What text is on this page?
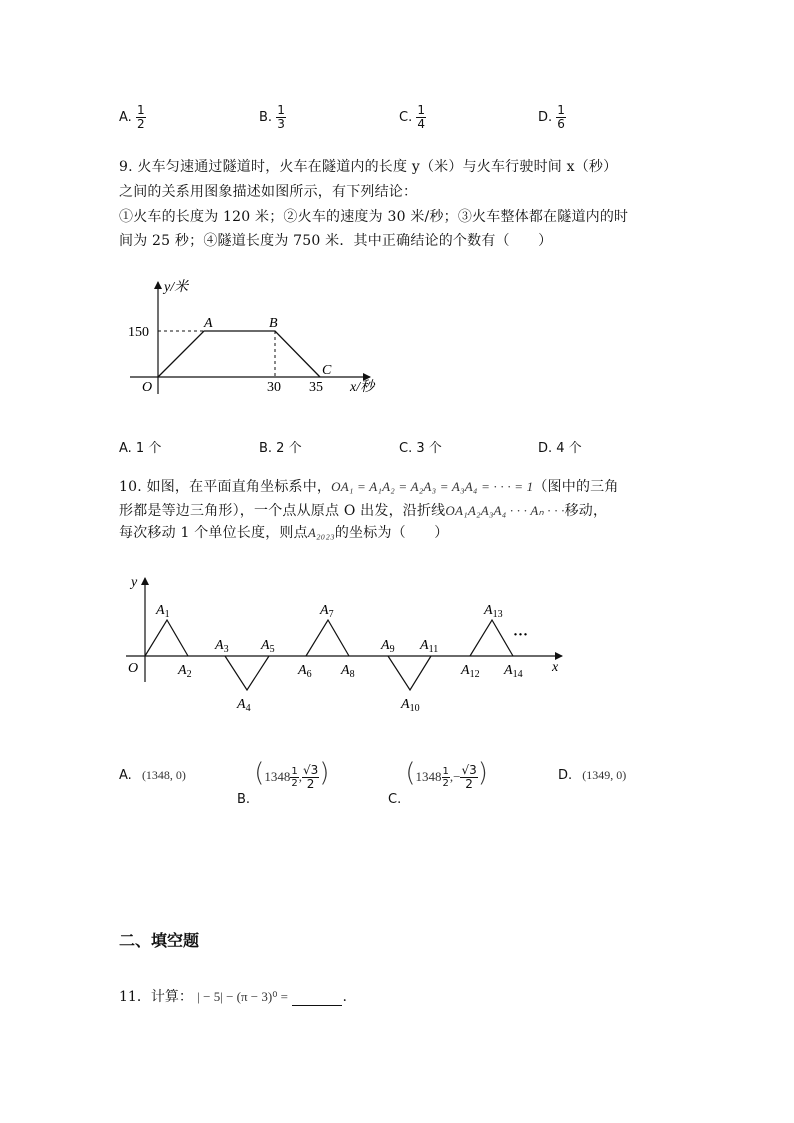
A. $\frac{1}{2}$	B. $\frac{1}{3}$	C. $\frac{1}{4}$	D. $\frac{1}{6}$
9. 火车匀速通过隧道时，火车在隧道内的长度 y（米）与火车行驶时间 x（秒）
之间的关系用图象描述如图所示，有下列结论：
①火车的长度为 120 米；②火车的速度为 30 米/秒；③火车整体都在隧道内的时
间为 25 秒；④隧道长度为 750 米．其中正确结论的个数有（　　）
y/米
x/秒
150
30 35
O
A	B
C
A. 1 个	B. 2 个	C. 3 个	D. 4 个
10. 如图，在平面直角坐标系中，OA₁ = A₁A₂ = A₂A₃ = A₃A₄ = · · · = 1（图中的三角
形都是等边三角形），一个点从原点 O 出发，沿折线OA₁A₂A₃A₄ · · · Aₙ · · ·移动，
每次移动 1 个单位长度，则点A₂₀₂₃的坐标为（　　）
y
x
O
···
$A_1$
$A_2$
$A_3$
$A_4$
$A_5$
$A_6$
$A_7$
$A_8$
$A_9$
$A_{10}$
$A_{11}$
$A_{12}$
$A_{13}$
$A_{14}$
A. (1348, 0)
B. ($1348 \frac{1}{2}$ , $\frac{√3}{2}$ )
C. ($1348 \frac{1}{2}$ ,− $\frac{√3}{2}$ )	D. (1349, 0)
二、填空题
11．计算： | − 5| − (π − 3)⁰ =	.
